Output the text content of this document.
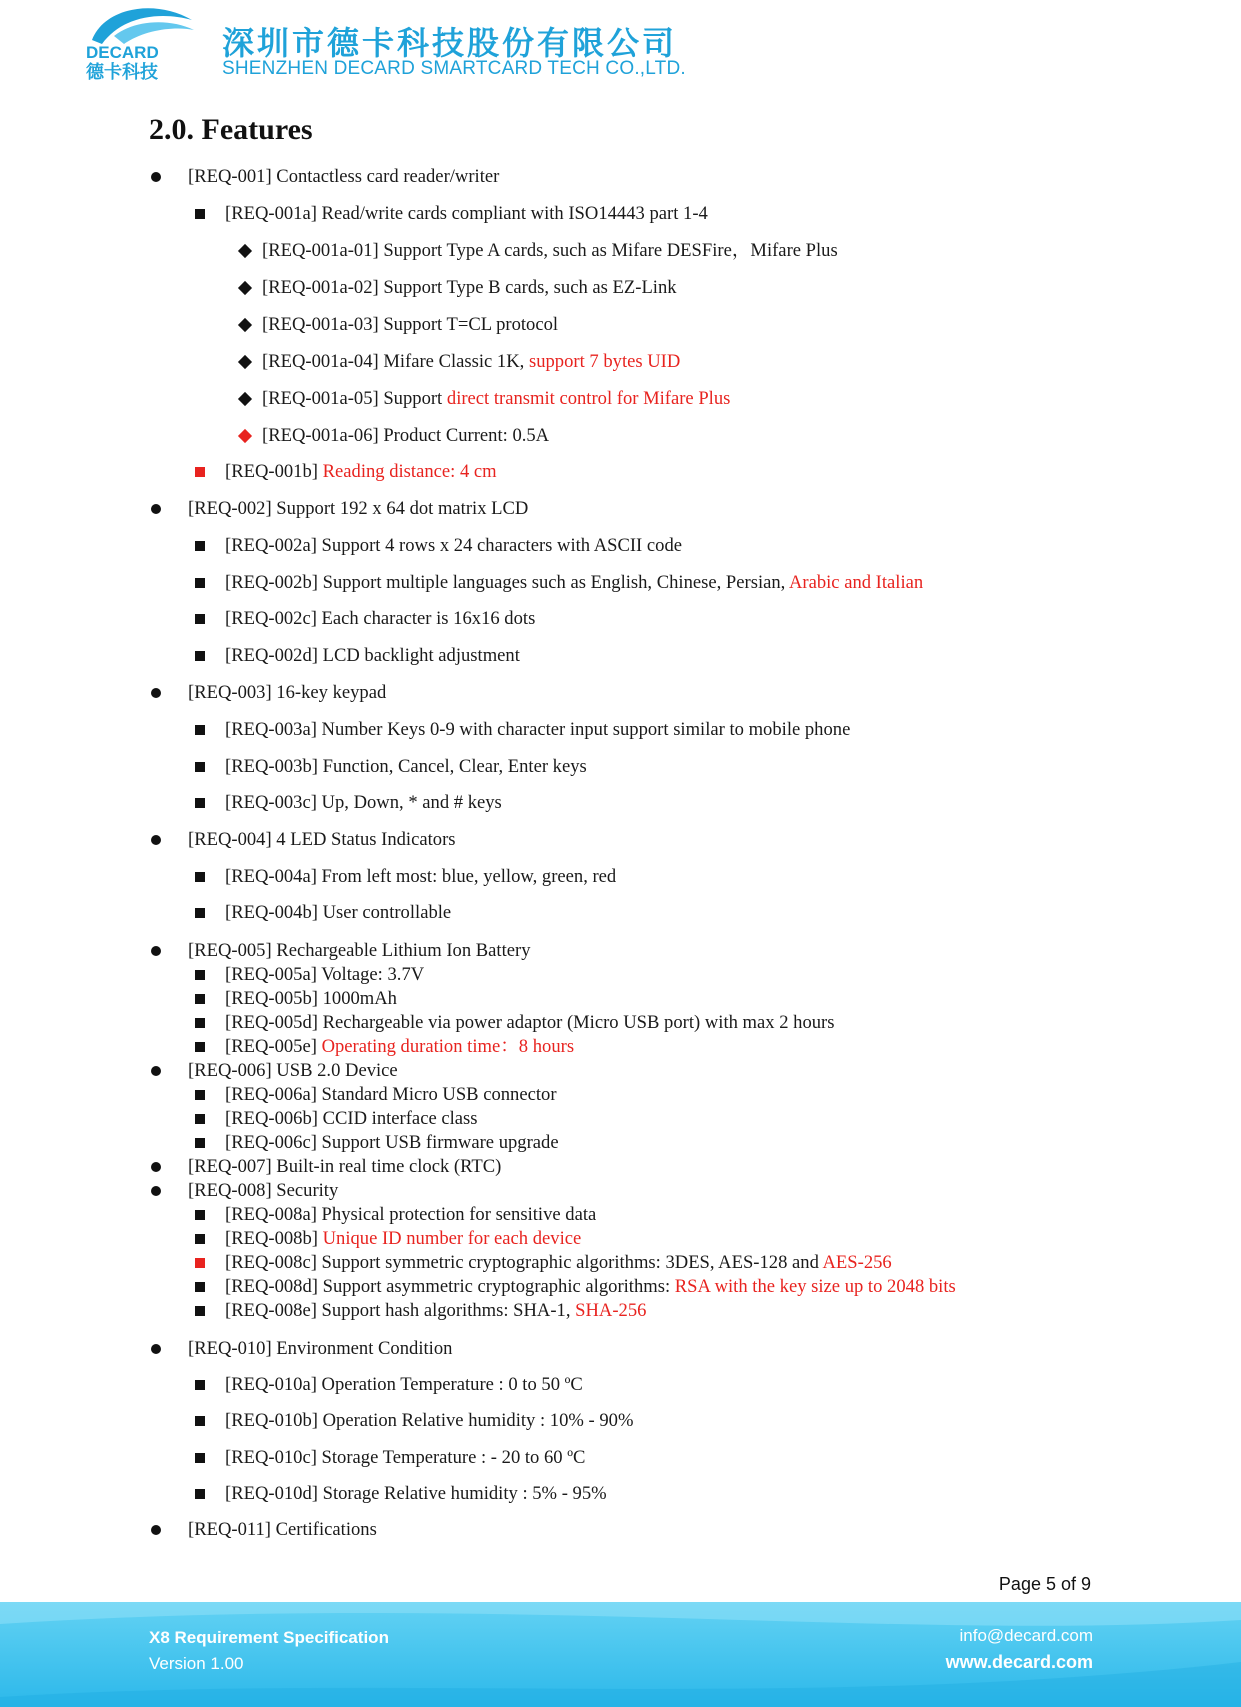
DECARD
德卡科技
深圳市德卡科技股份有限公司
SHENZHEN DECARD SMARTCARD TECH CO.,LTD.
2.0. Features
[REQ-001] Contactless card reader/writer
[REQ-001a] Read/write cards compliant with ISO14443 part 1-4
[REQ-001a-01] Support Type A cards, such as Mifare DESFire，Mifare Plus
[REQ-001a-02] Support Type B cards, such as EZ-Link
[REQ-001a-03] Support T=CL protocol
[REQ-001a-04] Mifare Classic 1K, support 7 bytes UID
[REQ-001a-05] Support direct transmit control for Mifare Plus
[REQ-001a-06] Product Current: 0.5A
[REQ-001b] Reading distance: 4 cm
[REQ-002] Support 192 x 64 dot matrix LCD
[REQ-002a] Support 4 rows x 24 characters with ASCII code
[REQ-002b] Support multiple languages such as English, Chinese, Persian, Arabic and Italian
[REQ-002c] Each character is 16x16 dots
[REQ-002d] LCD backlight adjustment
[REQ-003] 16-key keypad
[REQ-003a] Number Keys 0-9 with character input support similar to mobile phone
[REQ-003b] Function, Cancel, Clear, Enter keys
[REQ-003c] Up, Down, * and # keys
[REQ-004] 4 LED Status Indicators
[REQ-004a] From left most: blue, yellow, green, red
[REQ-004b] User controllable
[REQ-005] Rechargeable Lithium Ion Battery
[REQ-005a] Voltage: 3.7V
[REQ-005b] 1000mAh
[REQ-005d] Rechargeable via power adaptor (Micro USB port) with max 2 hours
[REQ-005e] Operating duration time：8 hours
[REQ-006] USB 2.0 Device
[REQ-006a] Standard Micro USB connector
[REQ-006b] CCID interface class
[REQ-006c] Support USB firmware upgrade
[REQ-007] Built-in real time clock (RTC)
[REQ-008] Security
[REQ-008a] Physical protection for sensitive data
[REQ-008b] Unique ID number for each device
[REQ-008c] Support symmetric cryptographic algorithms: 3DES, AES-128 and AES-256
[REQ-008d] Support asymmetric cryptographic algorithms: RSA with the key size up to 2048 bits
[REQ-008e] Support hash algorithms: SHA-1, SHA-256
[REQ-010] Environment Condition
[REQ-010a] Operation Temperature : 0 to 50 ºC
[REQ-010b] Operation Relative humidity : 10% - 90%
[REQ-010c] Storage Temperature : - 20 to 60 ºC
[REQ-010d] Storage Relative humidity : 5% - 95%
[REQ-011] Certifications
Page 5 of 9
X8 Requirement Specification
Version 1.00
info@decard.com
www.decard.com
